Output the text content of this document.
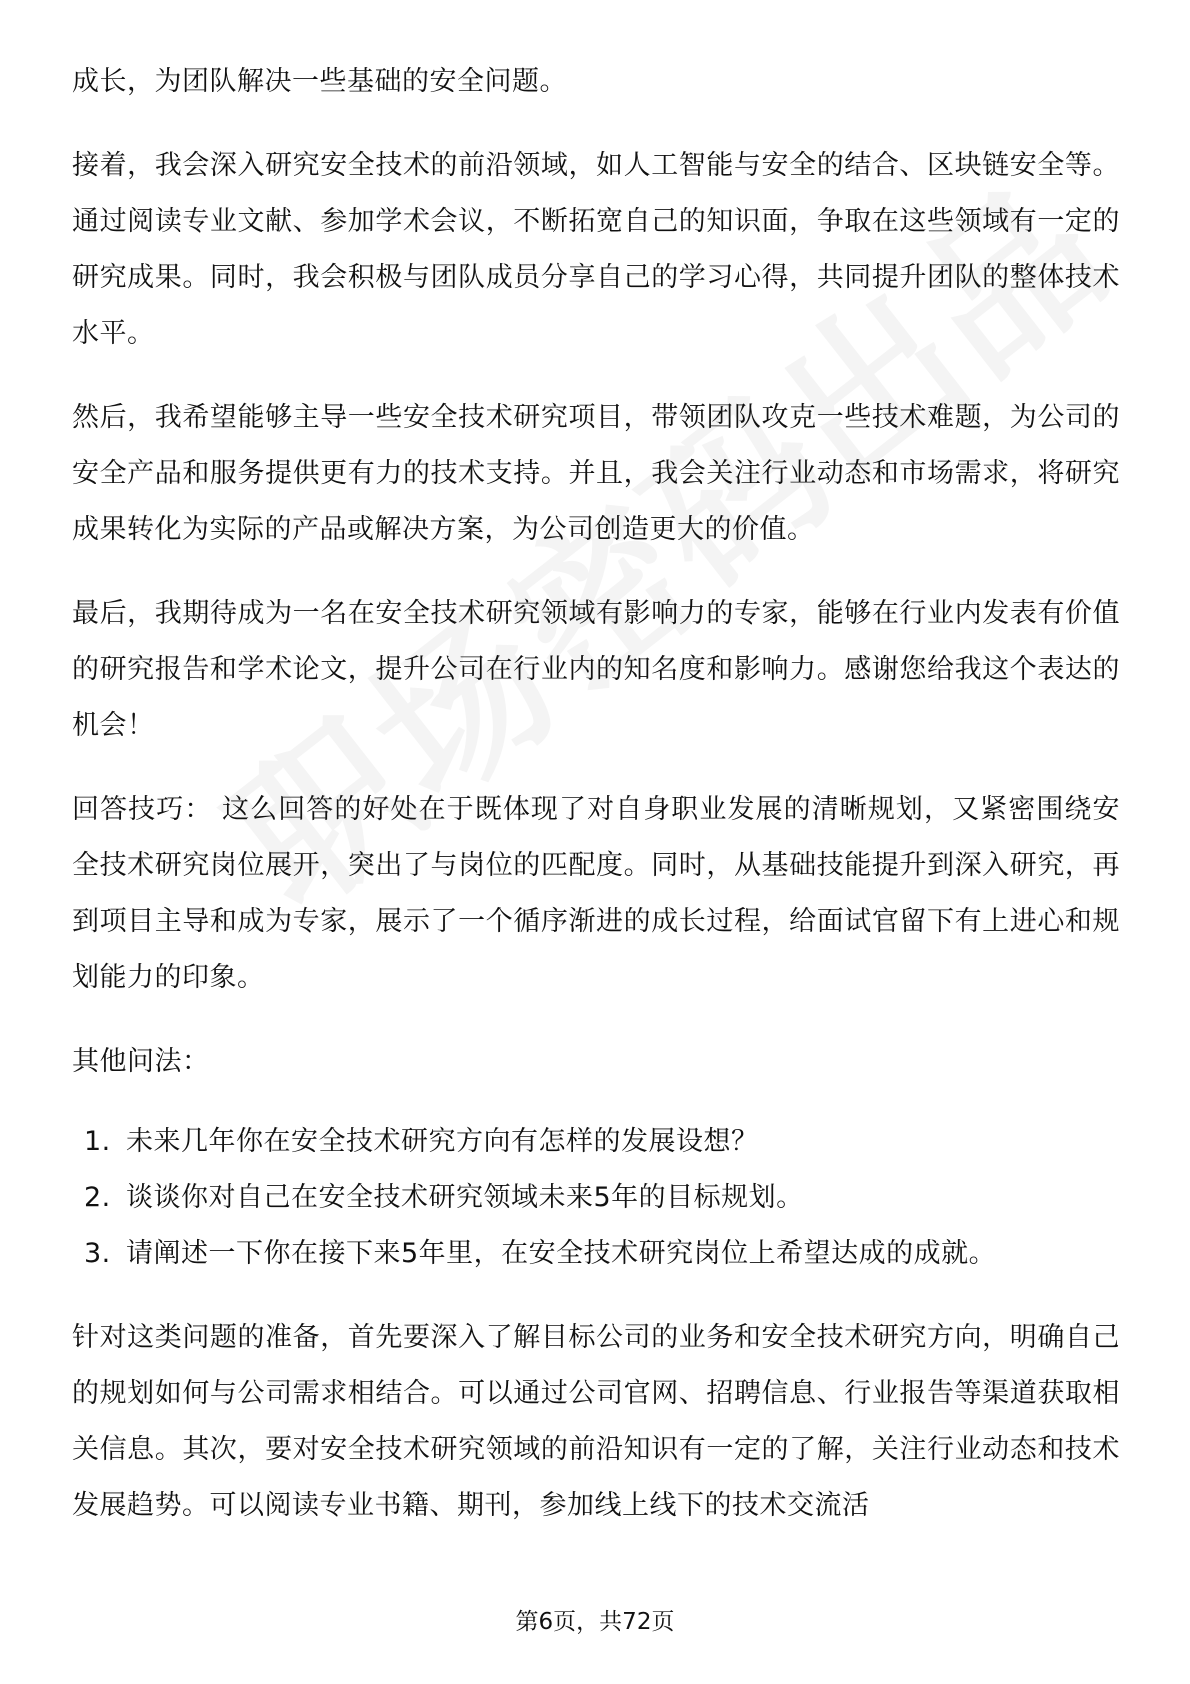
成长，为团队解决一些基础的安全问题。

接着，我会深入研究安全技术的前沿领域，如人工智能与安全的结合、区块链安全等。通过阅读专业文献、参加学术会议，不断拓宽自己的知识面，争取在这些领域有一定的研究成果。同时，我会积极与团队成员分享自己的学习心得，共同提升团队的整体技术水平。

然后，我希望能够主导一些安全技术研究项目，带领团队攻克一些技术难题，为公司的安全产品和服务提供更有力的技术支持。并且，我会关注行业动态和市场需求，将研究成果转化为实际的产品或解决方案，为公司创造更大的价值。

最后，我期待成为一名在安全技术研究领域有影响力的专家，能够在行业内发表有价值的研究报告和学术论文，提升公司在行业内的知名度和影响力。感谢您给我这个表达的机会！

回答技巧： 这么回答的好处在于既体现了对自身职业发展的清晰规划，又紧密围绕安全技术研究岗位展开，突出了与岗位的匹配度。同时，从基础技能提升到深入研究，再到项目主导和成为专家，展示了一个循序渐进的成长过程，给面试官留下有上进心和规划能力的印象。

其他问法：

1. 未来几年你在安全技术研究方向有怎样的发展设想？
2. 谈谈你对自己在安全技术研究领域未来5年的目标规划。
3. 请阐述一下你在接下来5年里，在安全技术研究岗位上希望达成的成就。

针对这类问题的准备，首先要深入了解目标公司的业务和安全技术研究方向，明确自己的规划如何与公司需求相结合。可以通过公司官网、招聘信息、行业报告等渠道获取相关信息。其次，要对安全技术研究领域的前沿知识有一定的了解，关注行业动态和技术发展趋势。可以阅读专业书籍、期刊，参加线上线下的技术交流活

第6页，共72页
